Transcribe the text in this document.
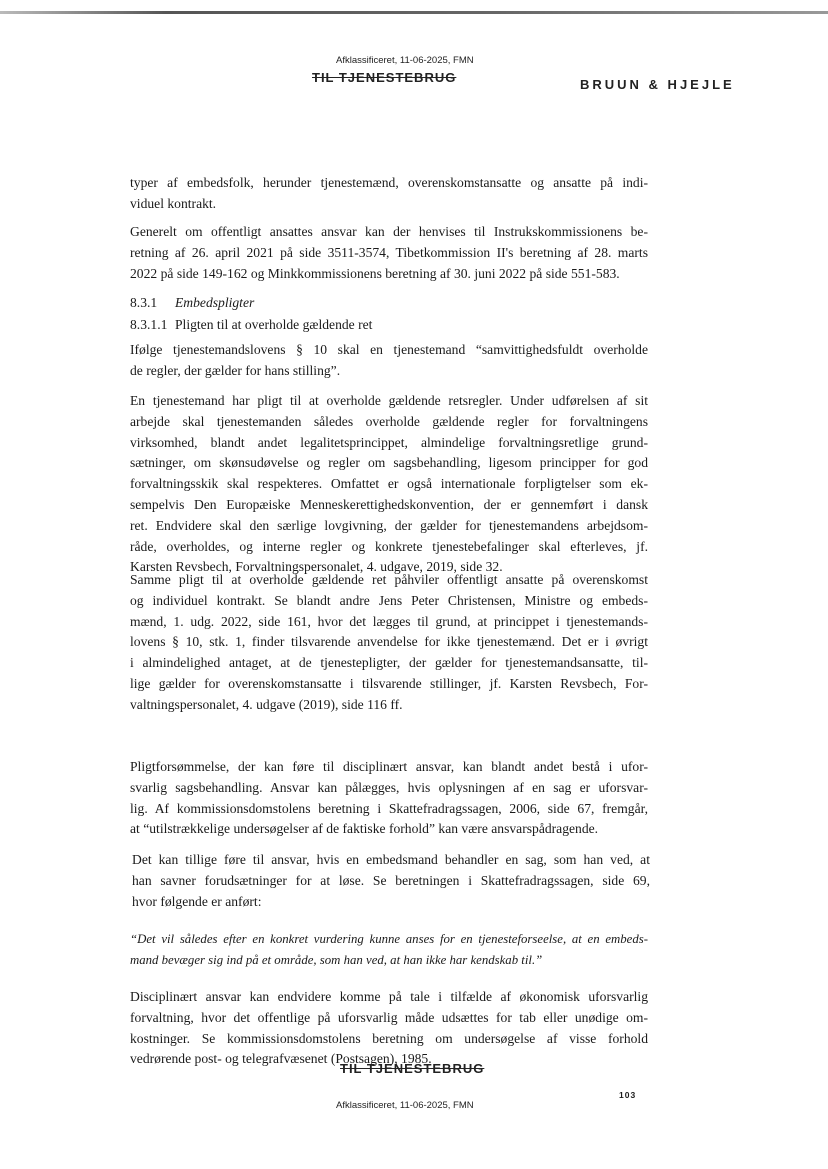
Afklassificeret, 11-06-2025, FMN
TIL TJENESTEBRUG	BRUUN & HJEJLE
typer af embedsfolk, herunder tjenestemænd, overenskomstansatte og ansatte på indi-
viduel kontrakt.
Generelt om offentligt ansattes ansvar kan der henvises til Instrukskommissionens be-
retning af 26. april 2021 på side 3511-3574, Tibetkommission II's beretning af 28. marts
2022 på side 149-162 og Minkkommissionens beretning af 30. juni 2022 på side 551-583.
8.3.1 Embedspligter
8.3.1.1 Pligten til at overholde gældende ret
Ifølge tjenestemandslovens § 10 skal en tjenestemand “samvittighedsfuldt overholde
de regler, der gælder for hans stilling”.
En tjenestemand har pligt til at overholde gældende retsregler. Under udførelsen af sit
arbejde skal tjenestemanden således overholde gældende regler for forvaltningens
virksomhed, blandt andet legalitetsprincippet, almindelige forvaltningsretlige grund-
sætninger, om skønsudøvelse og regler om sagsbehandling, ligesom principper for god
forvaltningsskik skal respekteres. Omfattet er også internationale forpligtelser som ek-
sempelvis Den Europæiske Menneskerettighedskonvention, der er gennemført i dansk
ret. Endvidere skal den særlige lovgivning, der gælder for tjenestemandens arbejdsom-
råde, overholdes, og interne regler og konkrete tjenestebefalinger skal efterleves, jf.
Karsten Revsbech, Forvaltningspersonalet, 4. udgave, 2019, side 32.
Samme pligt til at overholde gældende ret påhviler offentligt ansatte på overenskomst
og individuel kontrakt. Se blandt andre Jens Peter Christensen, Ministre og embeds-
mænd, 1. udg. 2022, side 161, hvor det lægges til grund, at princippet i tjenestemands-
lovens § 10, stk. 1, finder tilsvarende anvendelse for ikke tjenestemænd. Det er i øvrigt
i almindelighed antaget, at de tjenestepligter, der gælder for tjenestemandsansatte, til-
lige gælder for overenskomstansatte i tilsvarende stillinger, jf. Karsten Revsbech, For-
valtningspersonalet, 4. udgave (2019), side 116 ff.
Pligtforsømmelse, der kan føre til disciplinært ansvar, kan blandt andet bestå i ufor-
svarlig sagsbehandling. Ansvar kan pålægges, hvis oplysningen af en sag er uforsvar-
lig. Af kommissionsdomstolens beretning i Skattefradragssagen, 2006, side 67, fremgår,
at “utilstrækkelige undersøgelser af de faktiske forhold” kan være ansvarspådragende.
Det kan tillige føre til ansvar, hvis en embedsmand behandler en sag, som han ved, at
han savner forudsætninger for at løse. Se beretningen i Skattefradragssagen, side 69,
hvor følgende er anført:
“Det vil således efter en konkret vurdering kunne anses for en tjenesteforseelse, at en embeds-
mand bevæger sig ind på et område, som han ved, at han ikke har kendskab til.”
Disciplinært ansvar kan endvidere komme på tale i tilfælde af økonomisk uforsvarlig
forvaltning, hvor det offentlige på uforsvarlig måde udsættes for tab eller unødige om-
kostninger. Se kommissionsdomstolens beretning om undersøgelse af visse forhold
vedrørende post- og telegrafvæsenet (Postsagen), 1985.
TIL TJENESTEBRUG
Afklassificeret, 11-06-2025, FMN
103
